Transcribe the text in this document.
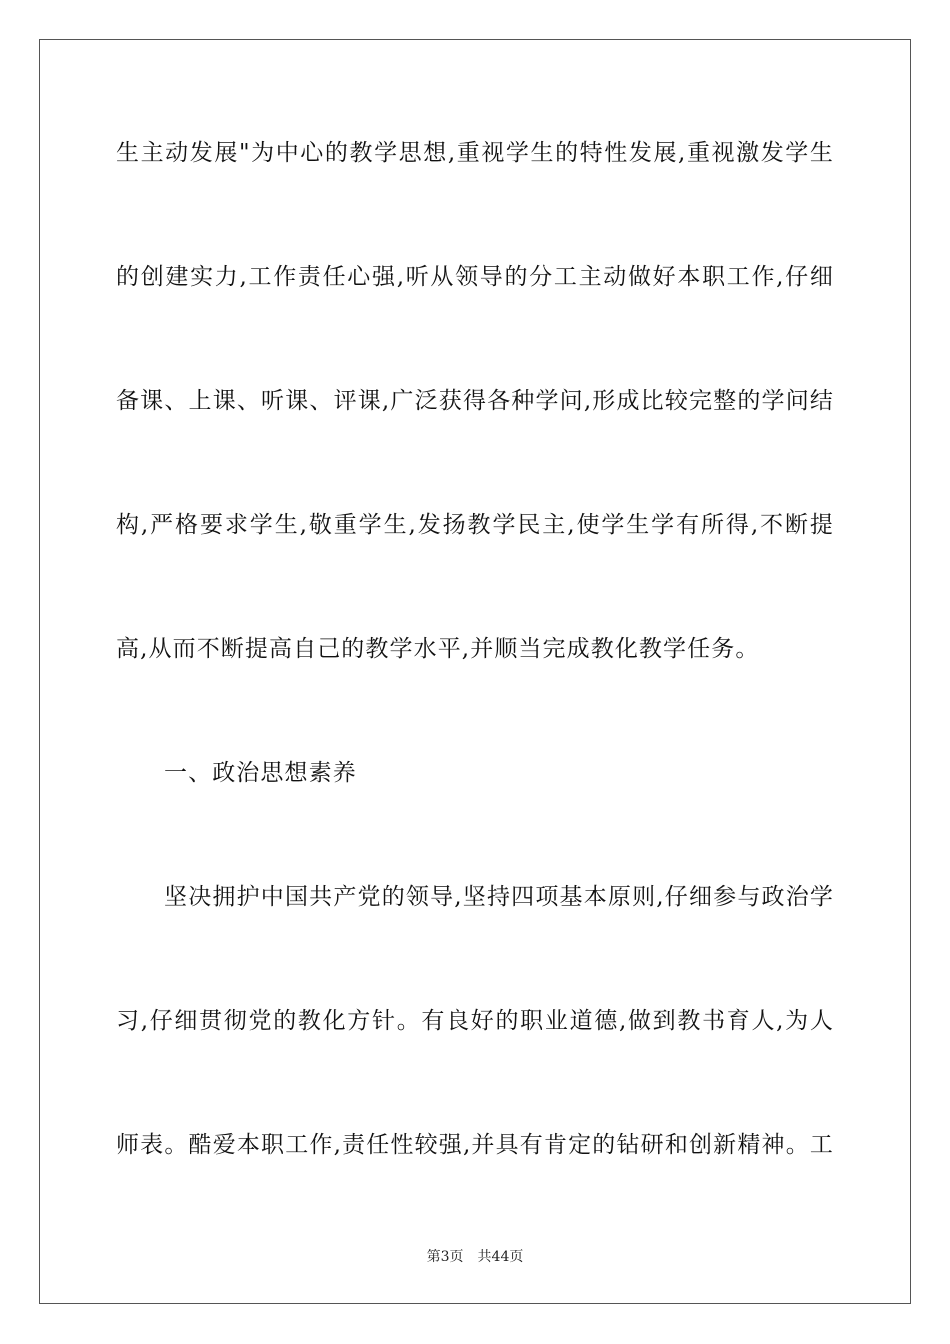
生主动发展"为中心的教学思想,重视学生的特性发展,重视激发学生
的创建实力,工作责任心强,听从领导的分工主动做好本职工作,仔细
备课、上课、听课、评课,广泛获得各种学问,形成比较完整的学问结
构,严格要求学生,敬重学生,发扬教学民主,使学生学有所得,不断提
高,从而不断提高自己的教学水平,并顺当完成教化教学任务。
一、政治思想素养
坚决拥护中国共产党的领导,坚持四项基本原则,仔细参与政治学
习,仔细贯彻党的教化方针。有良好的职业道德,做到教书育人,为人
师表。酷爱本职工作,责任性较强,并具有肯定的钻研和创新精神。工
第3页 共44页
